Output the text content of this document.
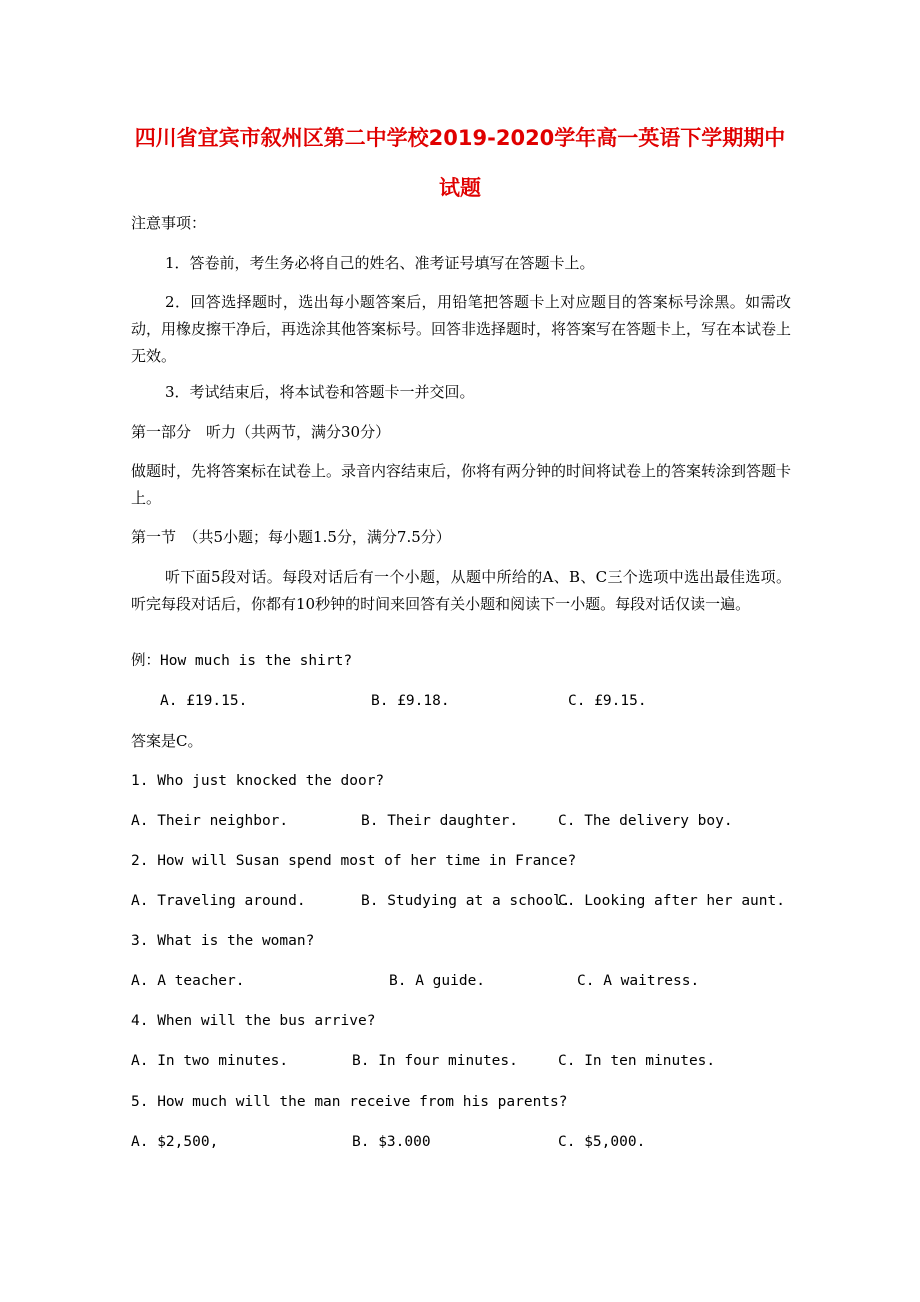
四川省宜宾市叙州区第二中学校2019-2020学年高一英语下学期期中
试题
注意事项：
1．答卷前，考生务必将自己的姓名、准考证号填写在答题卡上。
2．回答选择题时，选出每小题答案后，用铅笔把答题卡上对应题目的答案标号涂黑。如需改动，用橡皮擦干净后，再选涂其他答案标号。回答非选择题时，将答案写在答题卡上，写在本试卷上无效。
3．考试结束后，将本试卷和答题卡一并交回。
第一部分　听力（共两节，满分30分）
做题时，先将答案标在试卷上。录音内容结束后，你将有两分钟的时间将试卷上的答案转涂到答题卡上。
第一节　（共5小题；每小题1.5分，满分7.5分）
听下面5段对话。每段对话后有一个小题，从题中所给的A、B、C三个选项中选出最佳选项。听完每段对话后，你都有10秒钟的时间来回答有关小题和阅读下一小题。每段对话仅读一遍。
例：How much is the shirt?
A. £19.15.	B. £9.18.	C. £9.15.
答案是C。
1. Who just knocked the door?
A. Their neighbor.	B. Their daughter.	C. The delivery boy.
2. How will Susan spend most of her time in France?
A. Traveling around.	B. Studying at a school.
C. Looking after her aunt.
3. What is the woman?
A. A teacher.	B. A guide.	C. A waitress.
4. When will the bus arrive?
A. In two minutes.	B. In four minutes.	C. In ten minutes.
5. How much will the man receive from his parents?
A. $2,500,	B. $3.000	C. $5,000.
